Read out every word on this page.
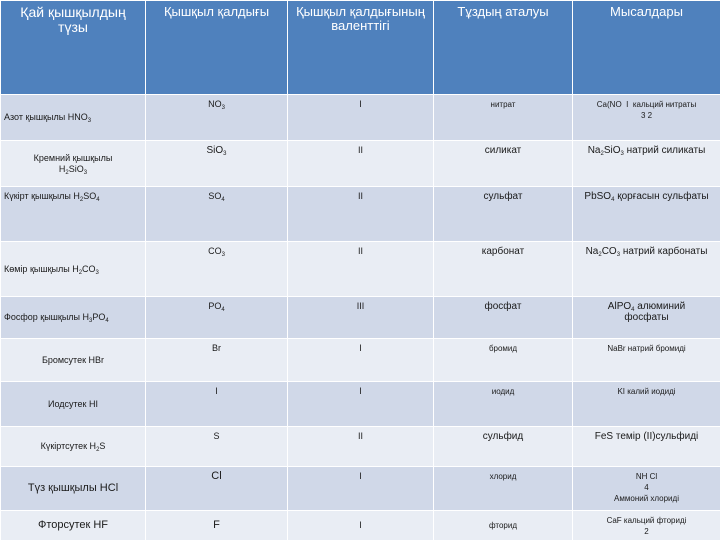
Қай қышқылдың түзы	Қышқыл қалдығы	Қышқыл қалдығының валенттігі	Тұздың аталуы	Мысалдары
Азот қышқылы $HNO_3$	$NO_3$	I	нитрат	Ca(NO I кальций нитраты
3 2

Кремний қышқылы
$H_2SiO_3$	SiO$_3$	II	силикат	$Na_2SiO_3$ натрий силикаты
Күкірт қышқылы $H_2SO_4$	$SO_4$	II	сульфат	PbSO$_4$ қорғасын сульфаты
Көмір қышқылы $H_2CO_3$	$CO_3$	II	карбонат	$Na_2CO_3$ натрий карбонаты
Фосфор қышқылы $H_3PO_4$	$PO_4$	III	фосфат	AlPO$_4$ алюминий
фосфаты

Бромсутек HBr	Br	I	бромид	NaBr натрий бромиді
Иодсутек HI	I	I	иодид	KI калий иодиді
Күкіртсутек $H_2S$	S	II	сульфид	FeS темір (II)сульфиді
Түз қышқылы HCl	Cl	I	хлорид	NH Cl
4
Аммоний хлориді

Фторсутек HF	F	I	фторид	CaF кальций фториді
2
